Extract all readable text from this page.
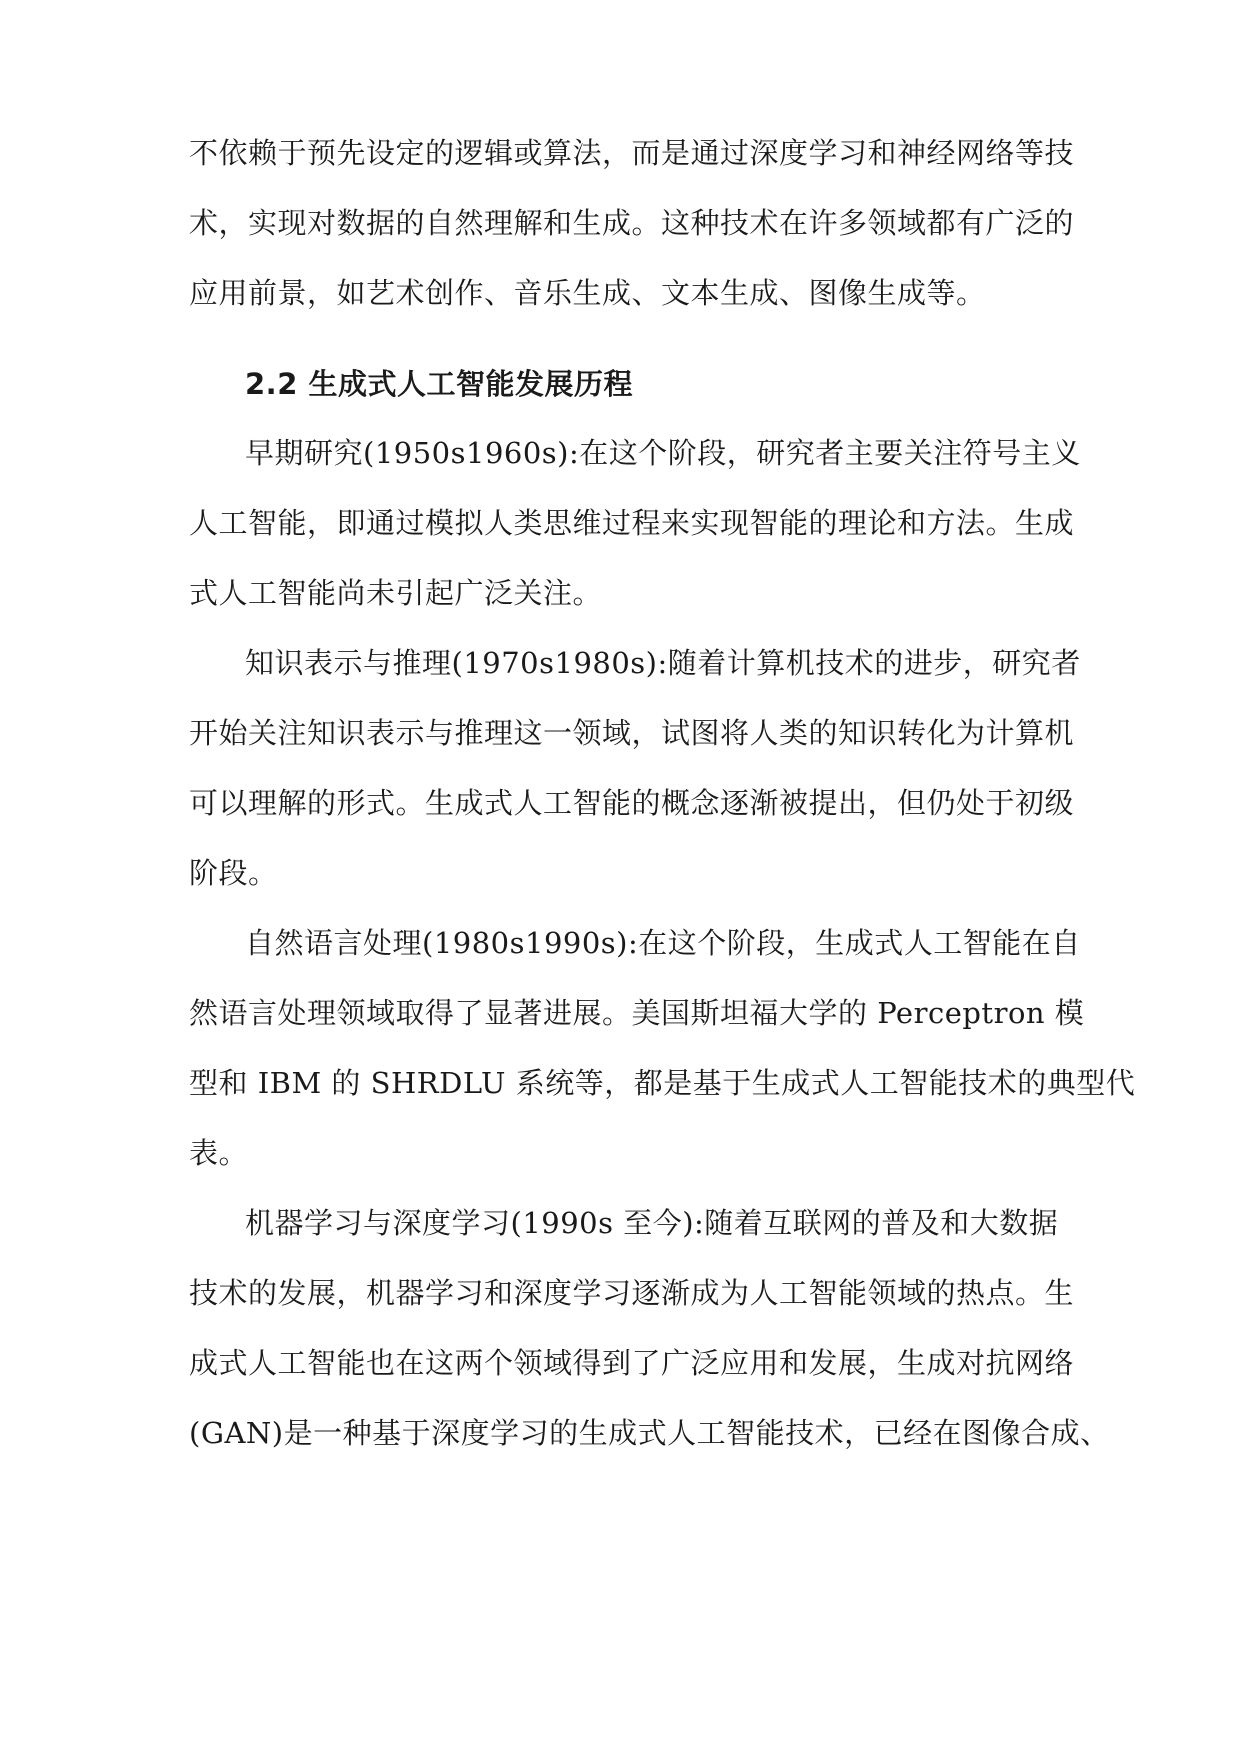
不依赖于预先设定的逻辑或算法，而是通过深度学习和神经网络等技
术，实现对数据的自然理解和生成。这种技术在许多领域都有广泛的
应用前景，如艺术创作、音乐生成、文本生成、图像生成等。
2.2 生成式人工智能发展历程
早期研究(1950s1960s):在这个阶段，研究者主要关注符号主义
人工智能，即通过模拟人类思维过程来实现智能的理论和方法。生成
式人工智能尚未引起广泛关注。
知识表示与推理(1970s1980s):随着计算机技术的进步，研究者
开始关注知识表示与推理这一领域，试图将人类的知识转化为计算机
可以理解的形式。生成式人工智能的概念逐渐被提出，但仍处于初级
阶段。
自然语言处理(1980s1990s):在这个阶段，生成式人工智能在自
然语言处理领域取得了显著进展。美国斯坦福大学的 Perceptron 模
型和 IBM 的 SHRDLU 系统等，都是基于生成式人工智能技术的典型代
表。
机器学习与深度学习(1990s 至今):随着互联网的普及和大数据
技术的发展，机器学习和深度学习逐渐成为人工智能领域的热点。生
成式人工智能也在这两个领域得到了广泛应用和发展，生成对抗网络
(GAN)是一种基于深度学习的生成式人工智能技术，已经在图像合成、
